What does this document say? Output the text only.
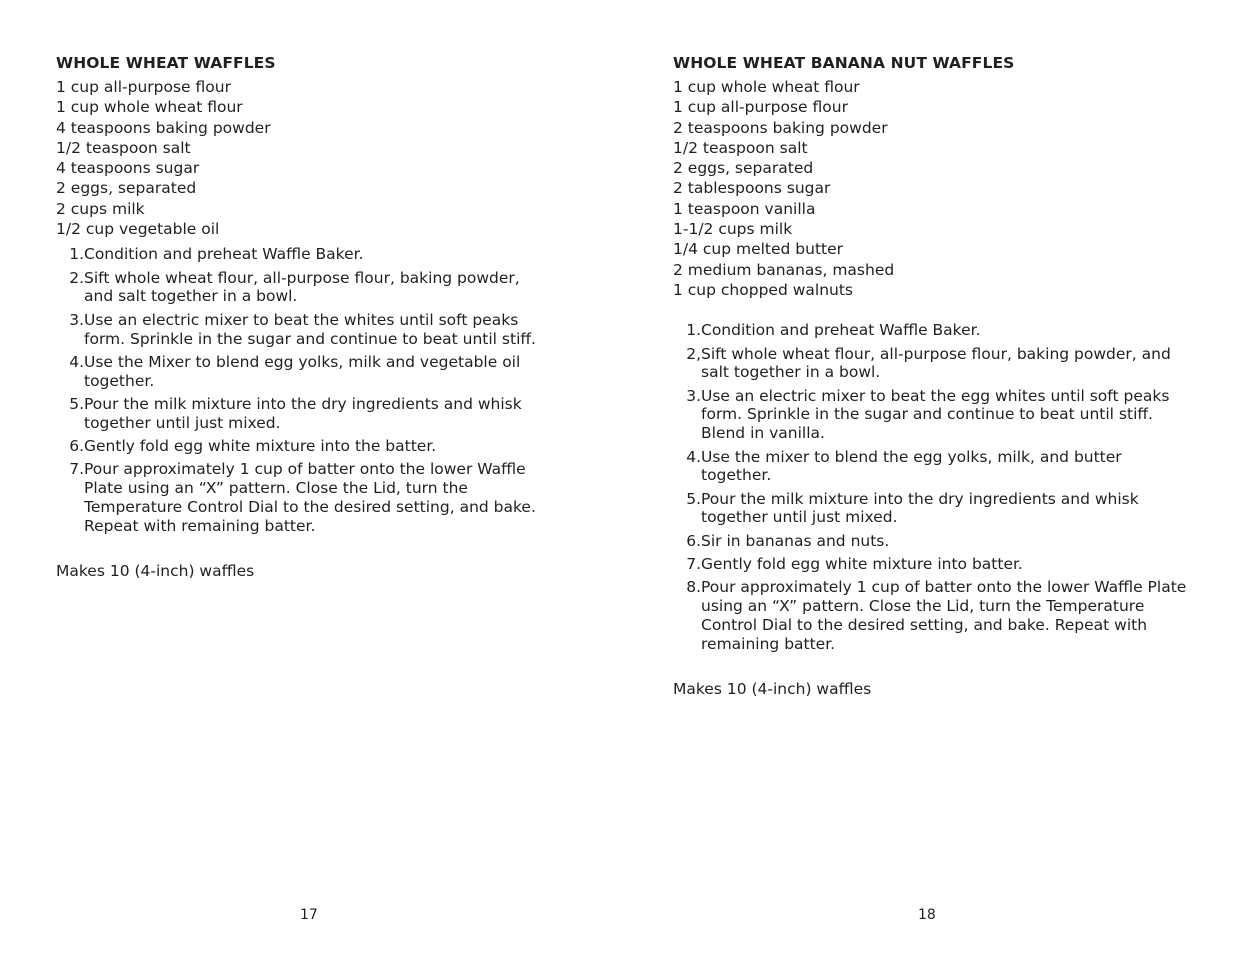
WHOLE WHEAT WAFFLES
1 cup all-purpose flour
1 cup whole wheat flour
4 teaspoons baking powder
1/2 teaspoon salt
4 teaspoons sugar
2 eggs, separated
2 cups milk
1/2 cup vegetable oil
1. Condition and preheat Waffle Baker.
2. Sift whole wheat flour, all-purpose flour, baking powder, and salt together in a bowl.
3. Use an electric mixer to beat the whites until soft peaks form. Sprinkle in the sugar and continue to beat until stiff.
4. Use the Mixer to blend egg yolks, milk and vegetable oil together.
5. Pour the milk mixture into the dry ingredients and whisk together until just mixed.
6. Gently fold egg white mixture into the batter.
7. Pour approximately 1 cup of batter onto the lower Waffle Plate using an “X” pattern. Close the Lid, turn the Temperature Control Dial to the desired setting, and bake. Repeat with remaining batter.
Makes 10 (4-inch) waffles
17
WHOLE WHEAT BANANA NUT WAFFLES
1 cup whole wheat flour
1 cup all-purpose flour
2 teaspoons baking powder
1/2 teaspoon salt
2 eggs, separated
2 tablespoons sugar
1 teaspoon vanilla
1-1/2 cups milk
1/4 cup melted butter
2 medium bananas, mashed
1 cup chopped walnuts
1. Condition and preheat Waffle Baker.
2, Sift whole wheat flour, all-purpose flour, baking powder, and salt together in a bowl.
3. Use an electric mixer to beat the egg whites until soft peaks form. Sprinkle in the sugar and continue to beat until stiff. Blend in vanilla.
4. Use the mixer to blend the egg yolks, milk, and butter together.
5. Pour the milk mixture into the dry ingredients and whisk together until just mixed.
6. Sir in bananas and nuts.
7. Gently fold egg white mixture into batter.
8. Pour approximately 1 cup of batter onto the lower Waffle Plate using an “X” pattern. Close the Lid, turn the Temperature Control Dial to the desired setting, and bake. Repeat with remaining batter.
Makes 10 (4-inch) waffles
18
